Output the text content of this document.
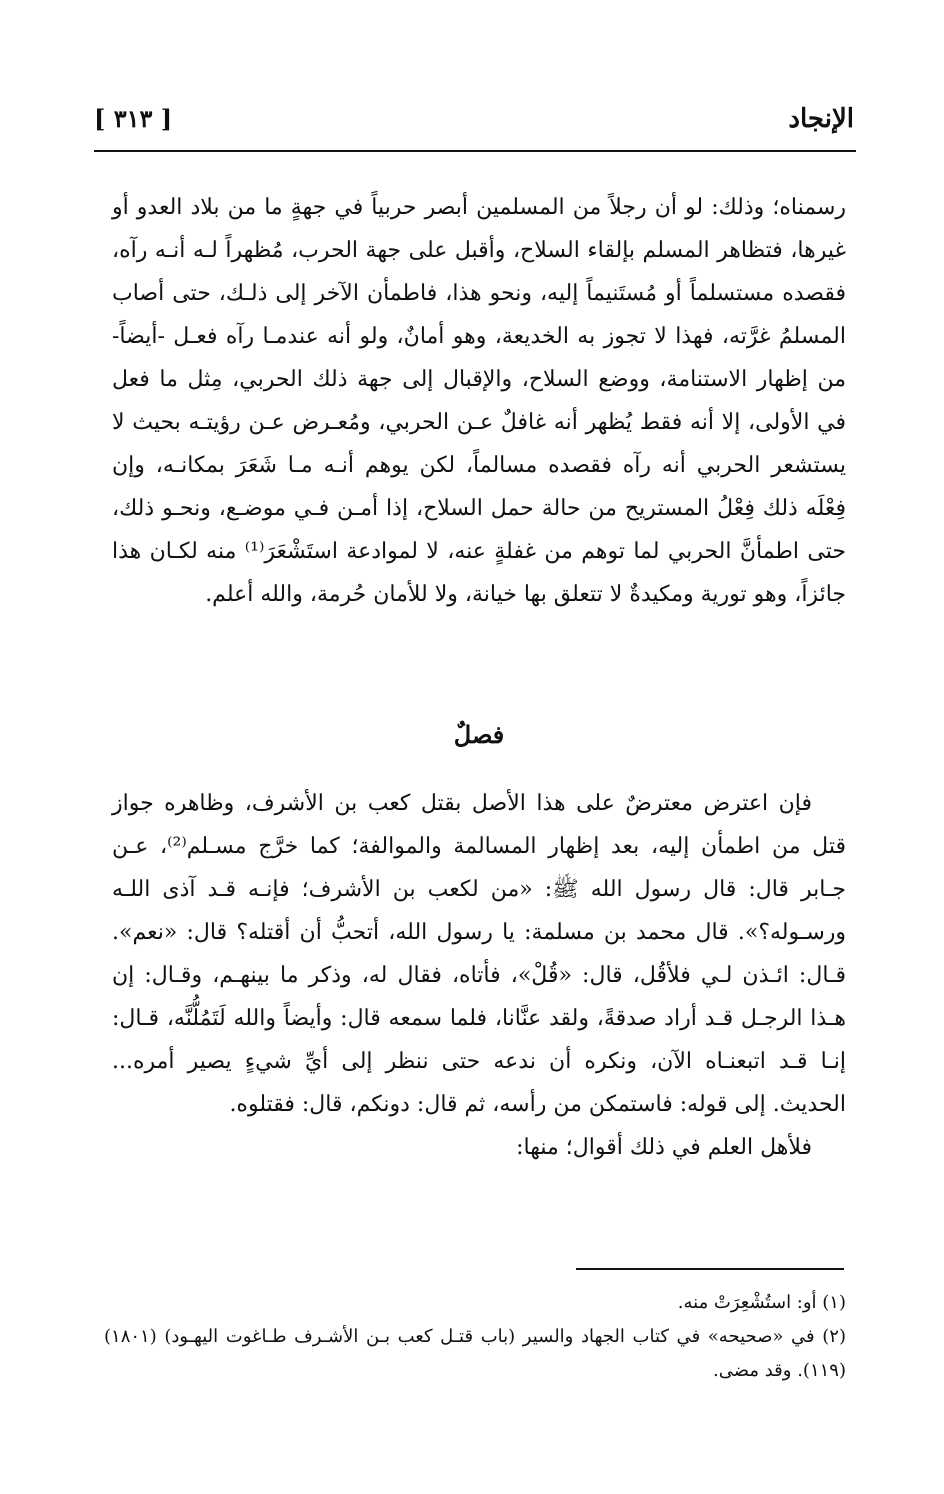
الإنجاد
[ ٣١٣ ]

رسمناه؛ وذلك: لو أن رجلاً من المسلمين أبصر حربياً في جهةٍ ما من بلاد العدو أو غيرها، فتظاهر المسلم بإلقاء السلاح، وأقبل على جهة الحرب، مُظهراً لـه أنـه رآه، فقصده مستسلماً أو مُستَنيماً إليه، ونحو هذا، فاطمأن الآخر إلى ذلـك، حتى أصاب المسلمُ غرَّته، فهذا لا تجوز به الخديعة، وهو أمانٌ، ولو أنه عندمـا رآه فعـل -أيضاً- من إظهار الاستنامة، ووضع السلاح، والإقبال إلى جهة ذلك الحربي، مِثل ما فعل في الأولى، إلا أنه فقط يُظهر أنه غافلٌ عـن الحربي، ومُعـرض عـن رؤيتـه بحيث لا يستشعر الحربي أنه رآه فقصده مسالماً، لكن يوهم أنـه مـا شَعَرَ بمكانـه، وإن فِعْلَه ذلك فِعْلُ المستريح من حالة حمل السلاح، إذا أمـن فـي موضـع، ونحـو ذلك، حتى اطمأنَّ الحربي لما توهم من غفلةٍ عنه، لا لموادعة استَشْعَرَ⁽¹⁾ منه لكـان هذا جائزاً، وهو تورية ومكيدةٌ لا تتعلق بها خيانة، ولا للأمان حُرمة، والله أعلم.

فصلٌ

فإن اعترض معترضٌ على هذا الأصل بقتل كعب بن الأشرف، وظاهره جواز قتل من اطمأن إليه، بعد إظهار المسالمة والموالفة؛ كما خرَّج مسـلم⁽²⁾، عـن جـابر قال: قال رسول الله ﷺ: «من لكعب بن الأشرف؛ فإنـه قـد آذى اللـه ورسـوله؟». قال محمد بن مسلمة: يا رسول الله، أتحبُّ أن أقتله؟ قال: «نعم». قـال: ائـذن لـي فلأقُل، قال: «قُلْ»، فأتاه، فقال له، وذكر ما بينهـم، وقـال: إن هـذا الرجـل قـد أراد صدقةً، ولقد عنَّانا، فلما سمعه قال: وأيضاً والله لَتَمُلُّنَّه، قـال: إنـا قـد اتبعنـاه الآن، ونكره أن ندعه حتى ننظر إلى أيِّ شيءٍ يصير أمره... الحديث. إلى قوله: فاستمكن من رأسه، ثم قال: دونكم، قال: فقتلوه.

فلأهل العلم في ذلك أقوال؛ منها:

(١) أو: استُشْعِرَتْ منه.

(٢) في «صحيحه» في كتاب الجهاد والسير (باب قتـل كعب بـن الأشـرف طـاغوت اليهـود) (١٨٠١) (١١٩). وقد مضى.
